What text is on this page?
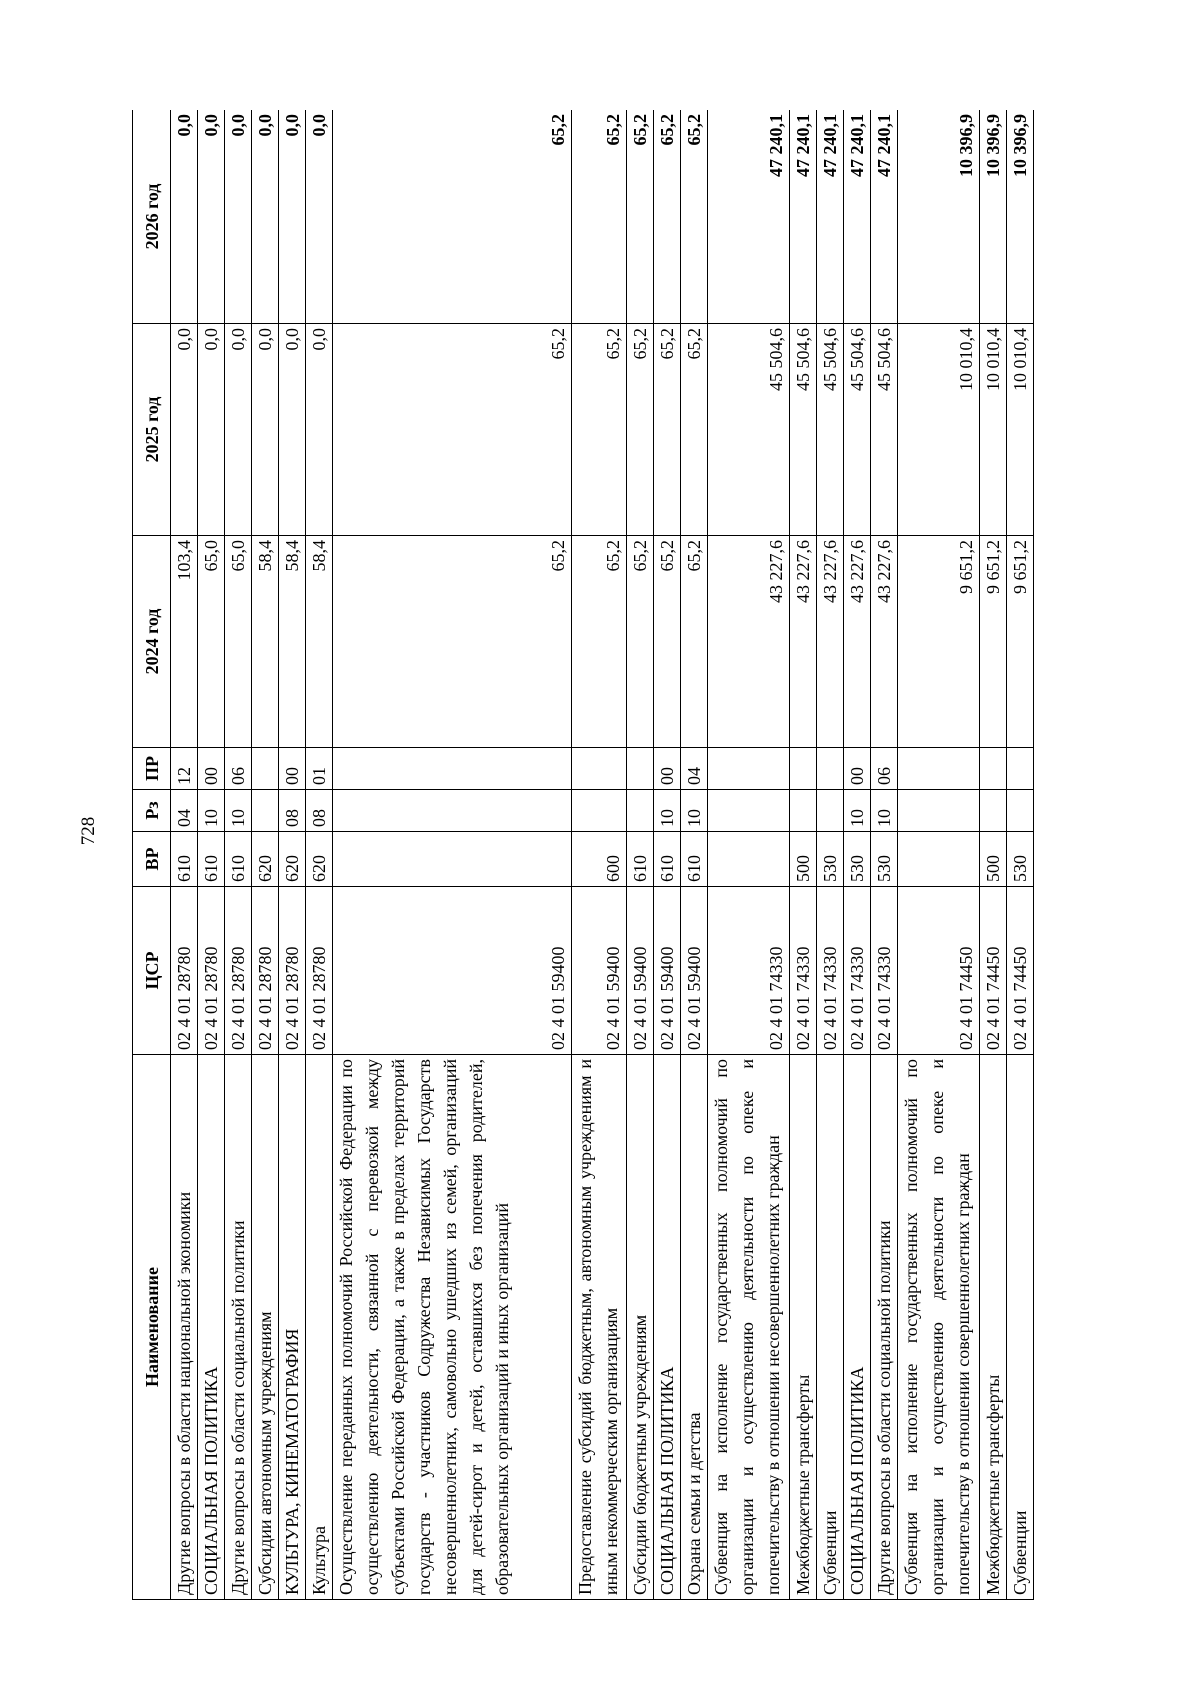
728
Наименование	ЦСР	ВР	Рз	ПР	2024 год	2025 год	2026 год
Другие вопросы в области национальной экономики	02 4 01 28780	610	04	12	103,4	0,0	0,0
СОЦИАЛЬНАЯ ПОЛИТИКА	02 4 01 28780	610	10	00	65,0	0,0	0,0
Другие вопросы в области социальной политики	02 4 01 28780	610	10	06	65,0	0,0	0,0
Субсидии автономным учреждениям	02 4 01 28780	620			58,4	0,0	0,0
КУЛЬТУРА, КИНЕМАТОГРАФИЯ	02 4 01 28780	620	08	00	58,4	0,0	0,0
Культура	02 4 01 28780	620	08	01	58,4	0,0	0,0
Осуществление переданных полномочий Российской Федерации по осуществлению деятельности, связанной с перевозкой между субъектами Российской Федерации, а также в пределах территорий государств - участников Содружества Независимых Государств несовершеннолетних, самовольно ушедших из семей, организаций для детей-сирот и детей, оставшихся без попечения родителей, образовательных организаций и иных организаций	02 4 01 59400				65,2	65,2	65,2
Предоставление субсидий бюджетным, автономным учреждениям и иным некоммерческим организациям	02 4 01 59400	600			65,2	65,2	65,2
Субсидии бюджетным учреждениям	02 4 01 59400	610			65,2	65,2	65,2
СОЦИАЛЬНАЯ ПОЛИТИКА	02 4 01 59400	610	10	00	65,2	65,2	65,2
Охрана семьи и детства	02 4 01 59400	610	10	04	65,2	65,2	65,2
Субвенция на исполнение государственных полномочий по организации и осуществлению деятельности по опеке и попечительству в отношении несовершеннолетних граждан	02 4 01 74330				43 227,6	45 504,6	47 240,1
Межбюджетные трансферты	02 4 01 74330	500			43 227,6	45 504,6	47 240,1
Субвенции	02 4 01 74330	530			43 227,6	45 504,6	47 240,1
СОЦИАЛЬНАЯ ПОЛИТИКА	02 4 01 74330	530	10	00	43 227,6	45 504,6	47 240,1
Другие вопросы в области социальной политики	02 4 01 74330	530	10	06	43 227,6	45 504,6	47 240,1
Субвенция на исполнение государственных полномочий по организации и осуществлению деятельности по опеке и попечительству в отношении совершеннолетних граждан	02 4 01 74450				9 651,2	10 010,4	10 396,9
Межбюджетные трансферты	02 4 01 74450	500			9 651,2	10 010,4	10 396,9
Субвенции	02 4 01 74450	530			9 651,2	10 010,4	10 396,9
